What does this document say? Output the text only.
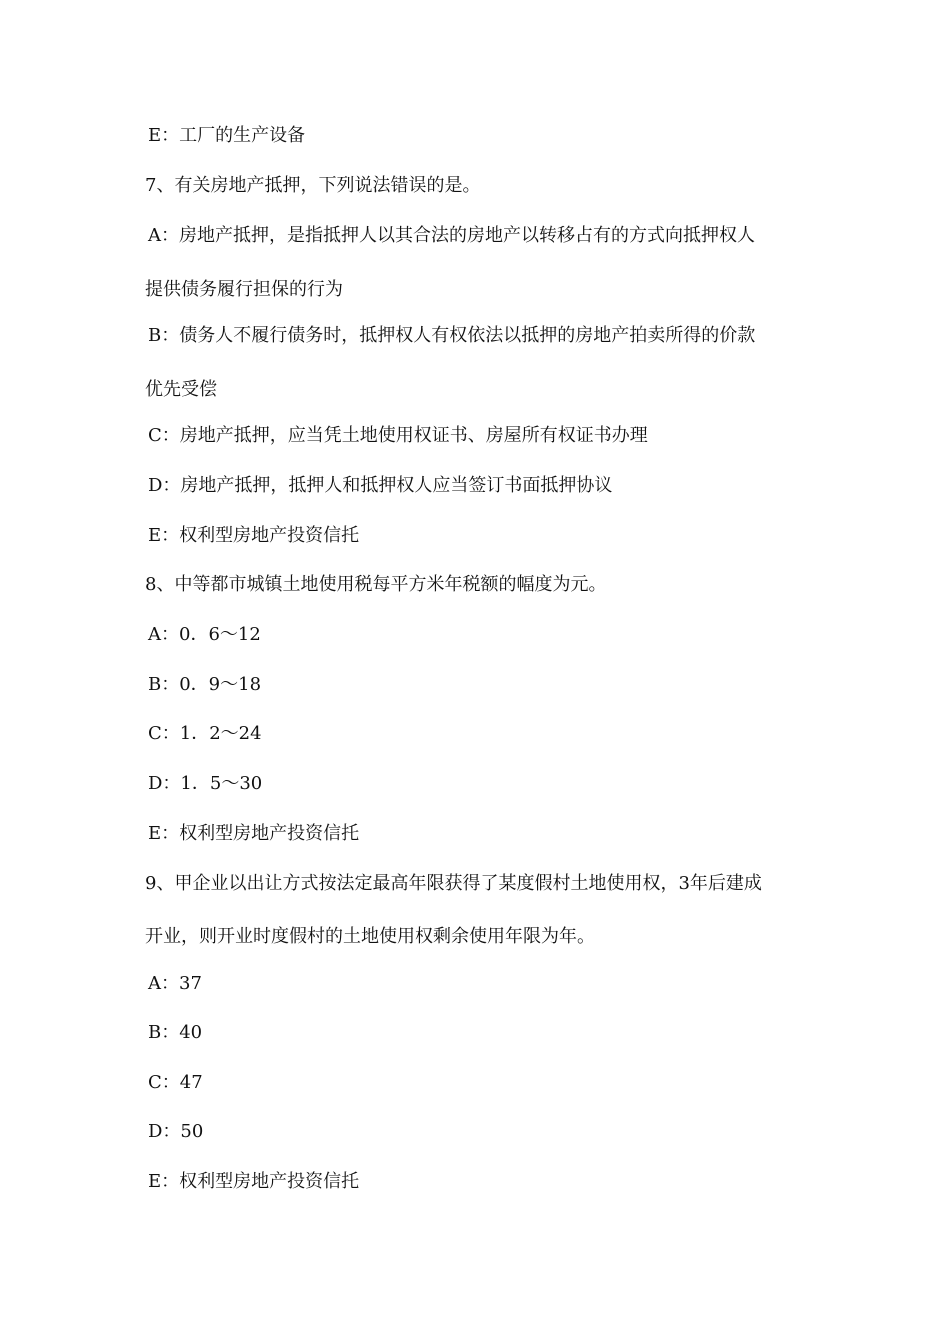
E：工厂的生产设备
7、有关房地产抵押，下列说法错误的是。
A：房地产抵押，是指抵押人以其合法的房地产以转移占有的方式向抵押权人
提供债务履行担保的行为
B：债务人不履行债务时，抵押权人有权依法以抵押的房地产拍卖所得的价款
优先受偿
C：房地产抵押，应当凭土地使用权证书、房屋所有权证书办理
D：房地产抵押，抵押人和抵押权人应当签订书面抵押协议
E：权利型房地产投资信托
8、中等都市城镇土地使用税每平方米年税额的幅度为元。
A：0．6～12
B：0．9～18
C：1．2～24
D：1．5～30
E：权利型房地产投资信托
9、甲企业以出让方式按法定最高年限获得了某度假村土地使用权，3年后建成
开业，则开业时度假村的土地使用权剩余使用年限为年。
A：37
B：40
C：47
D：50
E：权利型房地产投资信托
